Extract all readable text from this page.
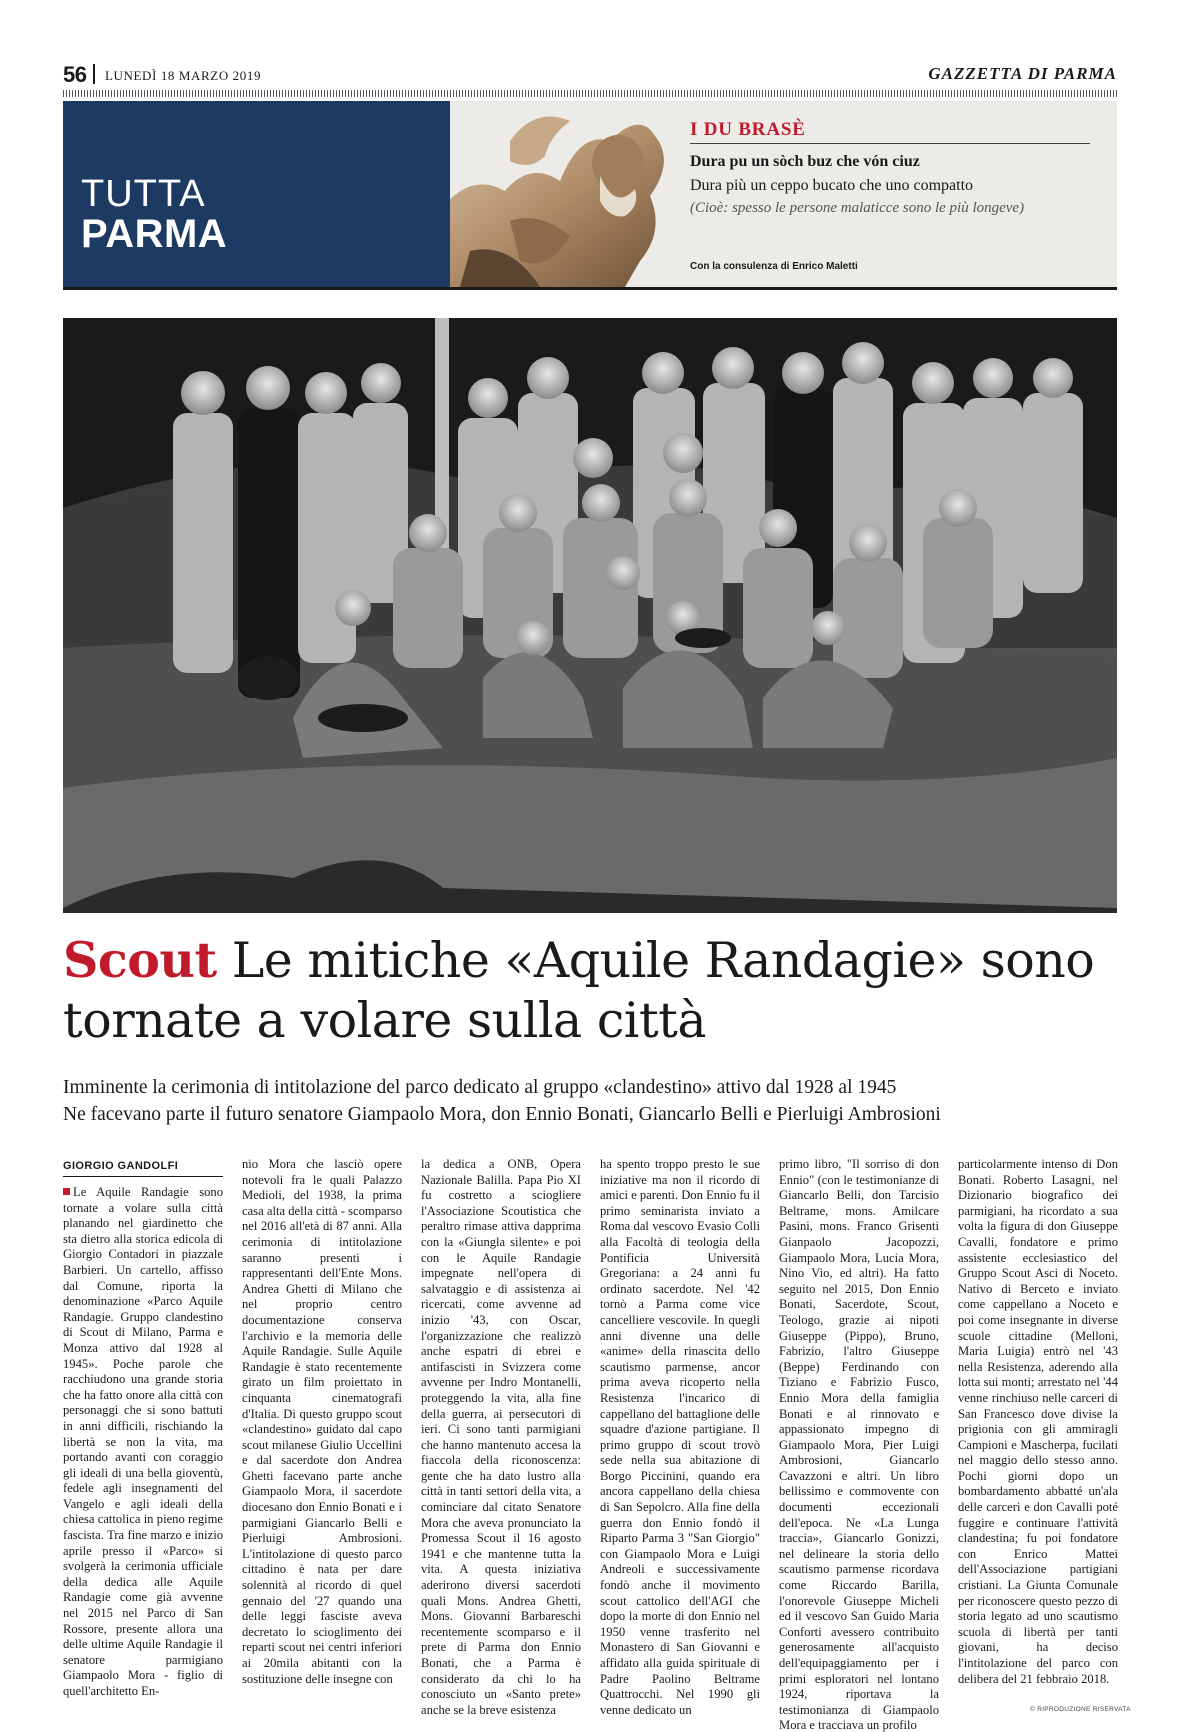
56 LUNEDÌ 18 MARZO 2019	GAZZETTA DI PARMA
TUTTA
PARMA
I DU BRASÈ
Dura pu un sòch buz che vón ciuz
Dura più un ceppo bucato che uno compatto
(Cioè: spesso le persone malaticce sono le più longeve)
Con la consulenza di Enrico Maletti
Scout Le mitiche «Aquile Randagie» sono tornate a volare sulla città
Imminente la cerimonia di intitolazione del parco dedicato al gruppo «clandestino» attivo dal 1928 al 1945
Ne facevano parte il futuro senatore Giampaolo Mora, don Ennio Bonati, Giancarlo Belli e Pierluigi Ambrosioni
GIORGIO GANDOLFI

Le Aquile Randagie sono tornate a volare sulla città planando nel giardinetto che sta dietro alla storica edicola di Giorgio Contadori in piazzale Barbieri. Un cartello, affisso dal Comune, riporta la denominazione «Parco Aquile Randagie. Gruppo clandestino di Scout di Milano, Parma e Monza attivo dal 1928 al 1945». Poche parole che racchiudono una grande storia che ha fatto onore alla città con personaggi che si sono battuti in anni difficili, rischiando la libertà se non la vita, ma portando avanti con coraggio gli ideali di una bella gioventù, fedele agli insegnamenti del Vangelo e agli ideali della chiesa cattolica in pieno regime fascista. Tra fine marzo e inizio aprile presso il «Parco» si svolgerà la cerimonia ufficiale della dedica alle Aquile Randagie come già avvenne nel 2015 nel Parco di San Rossore, presente allora una delle ultime Aquile Randagie il senatore parmigiano Giampaolo Mora - figlio di quell'architetto En-

nio Mora che lasciò opere notevoli fra le quali Palazzo Medioli, del 1938, la prima casa alta della città - scomparso nel 2016 all'età di 87 anni. Alla cerimonia di intitolazione saranno presenti i rappresentanti dell'Ente Mons. Andrea Ghetti di Milano che nel proprio centro documentazione conserva l'archivio e la memoria delle Aquile Randagie. Sulle Aquile Randagie è stato recentemente girato un film proiettato in cinquanta cinematografi d'Italia. Di questo gruppo scout «clandestino» guidato dal capo scout milanese Giulio Uccellini e dal sacerdote don Andrea Ghetti facevano parte anche Giampaolo Mora, il sacerdote diocesano don Ennio Bonati e i parmigiani Giancarlo Belli e Pierluigi Ambrosioni. L'intitolazione di questo parco cittadino è nata per dare solennità al ricordo di quel gennaio del '27 quando una delle leggi fasciste aveva decretato lo scioglimento dei reparti scout nei centri inferiori ai 20mila abitanti con la sostituzione delle insegne con

la dedica a ONB, Opera Nazionale Balilla. Papa Pio XI fu costretto a sciogliere l'Associazione Scoutistica che peraltro rimase attiva dapprima con la «Giungla silente» e poi con le Aquile Randagie impegnate nell'opera di salvataggio e di assistenza ai ricercati, come avvenne ad inizio '43, con Oscar, l'organizzazione che realizzò anche espatri di ebrei e antifascisti in Svizzera come avvenne per Indro Montanelli, proteggendo la vita, alla fine della guerra, ai persecutori di ieri. Ci sono tanti parmigiani che hanno mantenuto accesa la fiaccola della riconoscenza: gente che ha dato lustro alla città in tanti settori della vita, a cominciare dal citato Senatore Mora che aveva pronunciato la Promessa Scout il 16 agosto 1941 e che mantenne tutta la vita. A questa iniziativa aderirono diversi sacerdoti quali Mons. Andrea Ghetti, Mons. Giovanni Barbareschi recentemente scomparso e il prete di Parma don Ennio Bonati, che a Parma è considerato da chi lo ha conosciuto un «Santo prete» anche se la breve esistenza

ha spento troppo presto le sue iniziative ma non il ricordo di amici e parenti. Don Ennio fu il primo seminarista inviato a Roma dal vescovo Evasio Colli alla Facoltà di teologia della Pontificia Università Gregoriana: a 24 anni fu ordinato sacerdote. Nel '42 tornò a Parma come vice cancelliere vescovile. In quegli anni divenne una delle «anime» della rinascita dello scautismo parmense, ancor prima aveva ricoperto nella Resistenza l'incarico di cappellano del battaglione delle squadre d'azione partigiane. Il primo gruppo di scout trovò sede nella sua abitazione di Borgo Piccinini, quando era ancora cappellano della chiesa di San Sepolcro. Alla fine della guerra don Ennio fondò il Riparto Parma 3 "San Giorgio" con Giampaolo Mora e Luigi Andreoli e successivamente fondò anche il movimento scout cattolico dell'AGI che dopo la morte di don Ennio nel 1950 venne trasferito nel Monastero di San Giovanni e affidato alla guida spirituale di Padre Paolino Beltrame Quattrocchi. Nel 1990 gli venne dedicato un

primo libro, "Il sorriso di don Ennio" (con le testimonianze di Giancarlo Belli, don Tarcisio Beltrame, mons. Amilcare Pasini, mons. Franco Grisenti Gianpaolo Jacopozzi, Giampaolo Mora, Lucia Mora, Nino Vio, ed altri). Ha fatto seguito nel 2015, Don Ennio Bonati, Sacerdote, Scout, Teologo, grazie ai nipoti Giuseppe (Pippo), Bruno, Fabrizio, l'altro Giuseppe (Beppe) Ferdinando con Tiziano e Fabrizio Fusco, Ennio Mora della famiglia Bonati e al rinnovato e appassionato impegno di Giampaolo Mora, Pier Luigi Ambrosioni, Giancarlo Cavazzoni e altri. Un libro bellissimo e commovente con documenti eccezionali dell'epoca. Ne «La Lunga traccia», Giancarlo Gonizzi, nel delineare la storia dello scautismo parmense ricordava come Riccardo Barilla, l'onorevole Giuseppe Micheli ed il vescovo San Guido Maria Conforti avessero contribuito generosamente all'acquisto dell'equipaggiamento per i primi esploratori nel lontano 1924, riportava la testimonianza di Giampaolo Mora e tracciava un profilo

particolarmente intenso di Don Bonati. Roberto Lasagni, nel Dizionario biografico dei parmigiani, ha ricordato a sua volta la figura di don Giuseppe Cavalli, fondatore e primo assistente ecclesiastico del Gruppo Scout Asci di Noceto. Nativo di Berceto e inviato come cappellano a Noceto e poi come insegnante in diverse scuole cittadine (Melloni, Maria Luigia) entrò nel '43 nella Resistenza, aderendo alla lotta sui monti; arrestato nel '44 venne rinchiuso nelle carceri di San Francesco dove divise la prigionia con gli ammiragli Campioni e Mascherpa, fucilati nel maggio dello stesso anno. Pochi giorni dopo un bombardamento abbatté un'ala delle carceri e don Cavalli poté fuggire e continuare l'attività clandestina; fu poi fondatore con Enrico Mattei dell'Associazione partigiani cristiani. La Giunta Comunale per riconoscere questo pezzo di storia legato ad uno scautismo scuola di libertà per tanti giovani, ha deciso l'intitolazione del parco con delibera del 21 febbraio 2018.

© RIPRODUZIONE RISERVATA
